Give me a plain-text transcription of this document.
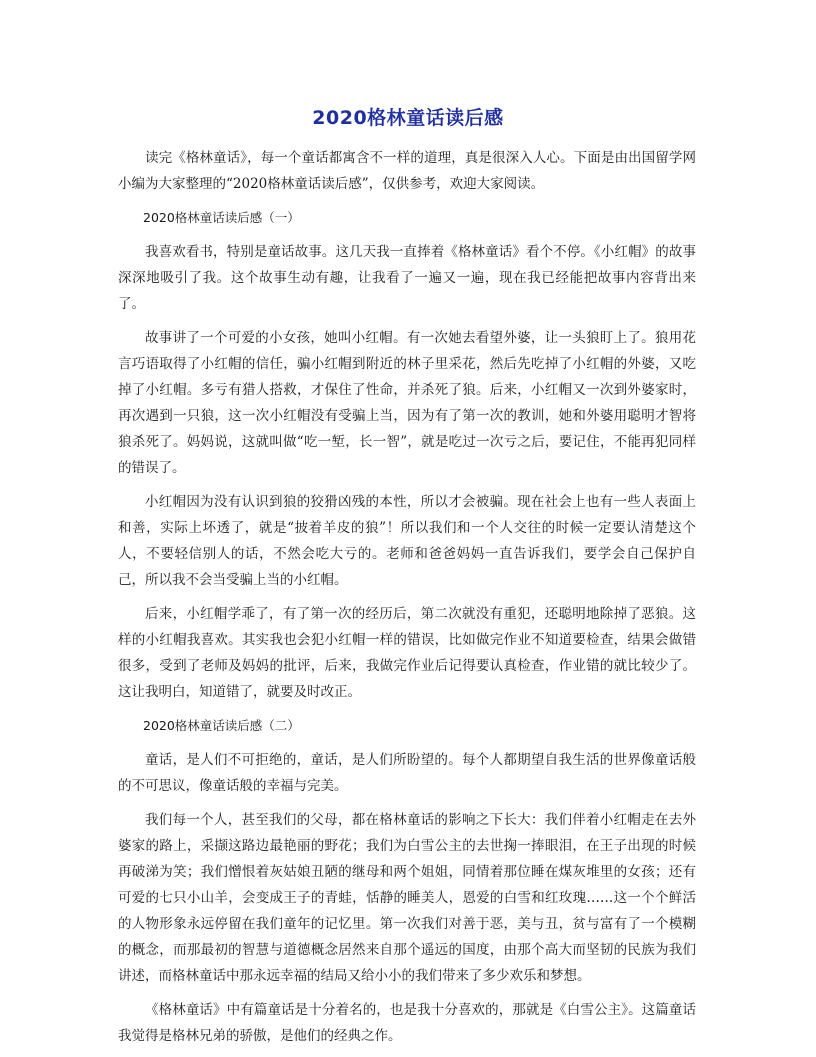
2020格林童话读后感

读完《格林童话》，每一个童话都寓含不一样的道理，真是很深入人心。下面是由出国留学网小编为大家整理的“2020格林童话读后感”，仅供参考，欢迎大家阅读。

2020格林童话读后感（一）

我喜欢看书，特别是童话故事。这几天我一直捧着《格林童话》看个不停。《小红帽》的故事深深地吸引了我。这个故事生动有趣，让我看了一遍又一遍，现在我已经能把故事内容背出来了。

故事讲了一个可爱的小女孩，她叫小红帽。有一次她去看望外婆，让一头狼盯上了。狼用花言巧语取得了小红帽的信任，骗小红帽到附近的林子里采花，然后先吃掉了小红帽的外婆，又吃掉了小红帽。多亏有猎人搭救，才保住了性命，并杀死了狼。后来，小红帽又一次到外婆家时，再次遇到一只狼，这一次小红帽没有受骗上当，因为有了第一次的教训，她和外婆用聪明才智将狼杀死了。妈妈说，这就叫做“吃一堑，长一智”，就是吃过一次亏之后，要记住，不能再犯同样的错误了。

小红帽因为没有认识到狼的狡猾凶残的本性，所以才会被骗。现在社会上也有一些人表面上和善，实际上坏透了，就是“披着羊皮的狼”！所以我们和一个人交往的时候一定要认清楚这个人，不要轻信别人的话，不然会吃大亏的。老师和爸爸妈妈一直告诉我们，要学会自己保护自己，所以我不会当受骗上当的小红帽。

后来，小红帽学乖了，有了第一次的经历后，第二次就没有重犯，还聪明地除掉了恶狼。这样的小红帽我喜欢。其实我也会犯小红帽一样的错误，比如做完作业不知道要检查，结果会做错很多，受到了老师及妈妈的批评，后来，我做完作业后记得要认真检查，作业错的就比较少了。这让我明白，知道错了，就要及时改正。

2020格林童话读后感（二）

童话，是人们不可拒绝的，童话，是人们所盼望的。每个人都期望自我生活的世界像童话般的不可思议，像童话般的幸福与完美。

我们每一个人，甚至我们的父母，都在格林童话的影响之下长大：我们伴着小红帽走在去外婆家的路上，采撷这路边最艳丽的野花；我们为白雪公主的去世掬一捧眼泪，在王子出现的时候再破涕为笑；我们憎恨着灰姑娘丑陋的继母和两个姐姐，同情着那位睡在煤灰堆里的女孩；还有可爱的七只小山羊，会变成王子的青蛙，恬静的睡美人，恩爱的白雪和红玫瑰……这一个个鲜活的人物形象永远停留在我们童年的记忆里。第一次我们对善于恶，美与丑，贫与富有了一个模糊的概念，而那最初的智慧与道德概念居然来自那个遥远的国度，由那个高大而坚韧的民族为我们讲述，而格林童话中那永远幸福的结局又给小小的我们带来了多少欢乐和梦想。

《格林童话》中有篇童话是十分着名的，也是我十分喜欢的，那就是《白雪公主》。这篇童话我觉得是格林兄弟的骄傲，是他们的经典之作。
